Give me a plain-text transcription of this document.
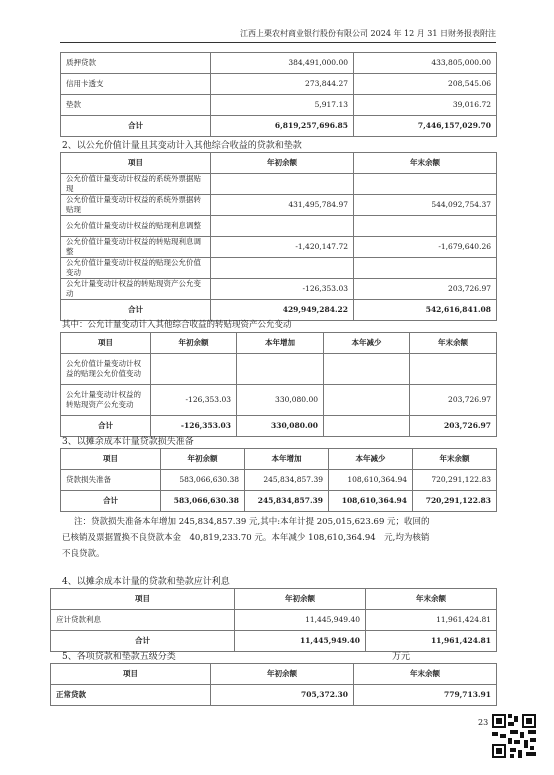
江西上栗农村商业银行股份有限公司 2024 年 12 月 31 日财务报表附注
质押贷款	384,491,000.00	433,805,000.00
信用卡透支	273,844.27	208,545.06
垫款	5,917.13	39,016.72
合计	6,819,257,696.85	7,446,157,029.70
2、以公允价值计量且其变动计入其他综合收益的贷款和垫款
项目	年初余额	年末余额
公允价值计量变动计权益的系统外票据贴现		
公允价值计量变动计权益的系统外票据转贴现	431,495,784.97	544,092,754.37
公允价值计量变动计权益的贴现利息调整		
公允价值计量变动计权益的转贴现利息调整	-1,420,147.72	-1,679,640.26
公允价值计量变动计权益的贴现公允价值变动		
公允计量变动计权益的转贴现资产公允变动	-126,353.03	203,726.97
合计	429,949,284.22	542,616,841.08
其中：公允计量变动计入其他综合收益的转贴现资产公允变动
项目	年初余额	本年增加	本年减少	年末余额
公允价值计量变动计权益的贴现公允价值变动				
公允计量变动计权益的转贴现资产公允变动	-126,353.03	330,080.00		203,726.97
合计	-126,353.03	330,080.00		203,726.97
3、以摊余成本计量贷款损失准备
项目	年初余额	本年增加	本年减少	年末余额
贷款损失准备	583,066,630.38	245,834,857.39	108,610,364.94	720,291,122.83
合计	583,066,630.38	245,834,857.39	108,610,364.94	720,291,122.83
注：贷款损失准备本年增加 245,834,857.39 元,其中:本年计提 205,015,623.69 元；收回的
已核销及票据置换不良贷款本金　40,819,233.70 元。本年减少 108,610,364.94　元,均为核销
不良贷款。
4、以摊余成本计量的贷款和垫款应计利息
项目	年初余额	年末余额
应计贷款利息	11,445,949.40	11,961,424.81
合计	11,445,949.40	11,961,424.81
5、各项贷款和垫款五级分类	万元
项目	年初余额	年末余额
正常贷款	705,372.30	779,713.91
23
